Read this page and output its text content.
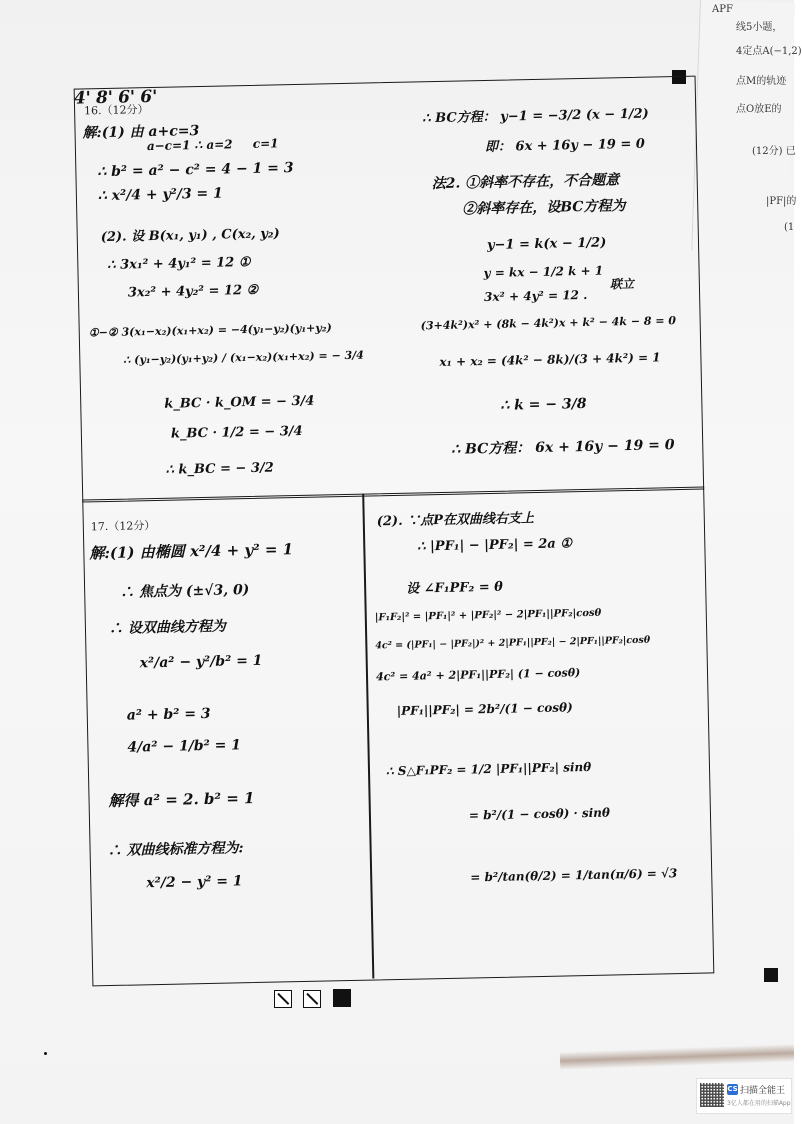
APF
线5小题，
4定点A(−1,2)
点M的轨迹
点O放E的
(12分) 已
|PF|的
(1
16.（12分）
解:(1) 由 a+c=3
a−c=1 ∴ a=2 c=1
∴ b² = a² − c² = 4 − 1 = 3
∴ x²/4 + y²/3 = 1
4'
(2). 设 B(x₁, y₁) , C(x₂, y₂)
∴ 3x₁² + 4y₁² = 12 ①
3x₂² + 4y₂² = 12 ②
①−② 3(x₁−x₂)(x₁+x₂) = −4(y₁−y₂)(y₁+y₂)
∴ (y₁−y₂)(y₁+y₂) / (x₁−x₂)(x₁+x₂) = − 3/4
k_BC · k_OM = − 3/4
k_BC · 1/2 = − 3/4
∴ k_BC = − 3/2
∴ BC方程： y−1 = −3/2 (x − 1/2)
即： 6x + 16y − 19 = 0
8'
法2. ①斜率不存在，不合题意
②斜率存在，设BC方程为
y−1 = k(x − 1/2)
y = kx − 1/2 k + 1
3x² + 4y² = 12 .
联立
(3+4k²)x² + (8k − 4k²)x + k² − 4k − 8 = 0
x₁ + x₂ = (4k² − 8k)/(3 + 4k²) = 1
∴ k = − 3/8
∴ BC方程： 6x + 16y − 19 = 0
17.（12分）
解:(1) 由椭圆 x²/4 + y² = 1
∴ 焦点为 (±√3, 0)
∴ 设双曲线方程为
x²/a² − y²/b² = 1
a² + b² = 3
4/a² − 1/b² = 1
解得 a² = 2. b² = 1
∴ 双曲线标准方程为:
x²/2 − y² = 1
6'
(2). ∵点P在双曲线右支上
∴ |PF₁| − |PF₂| = 2a ①
设 ∠F₁PF₂ = θ
|F₁F₂|² = |PF₁|² + |PF₂|² − 2|PF₁||PF₂|cosθ
4c² = (|PF₁| − |PF₂|)² + 2|PF₁||PF₂| − 2|PF₁||PF₂|cosθ
4c² = 4a² + 2|PF₁||PF₂| (1 − cosθ)
|PF₁||PF₂| = 2b²/(1 − cosθ)
∴ S△F₁PF₂ = 1/2 |PF₁||PF₂| sinθ
= b²/(1 − cosθ) · sinθ
= b²/tan(θ/2) = 1/tan(π/6) = √3
6'
CS 扫描全能王
3亿人都在用的扫描App
